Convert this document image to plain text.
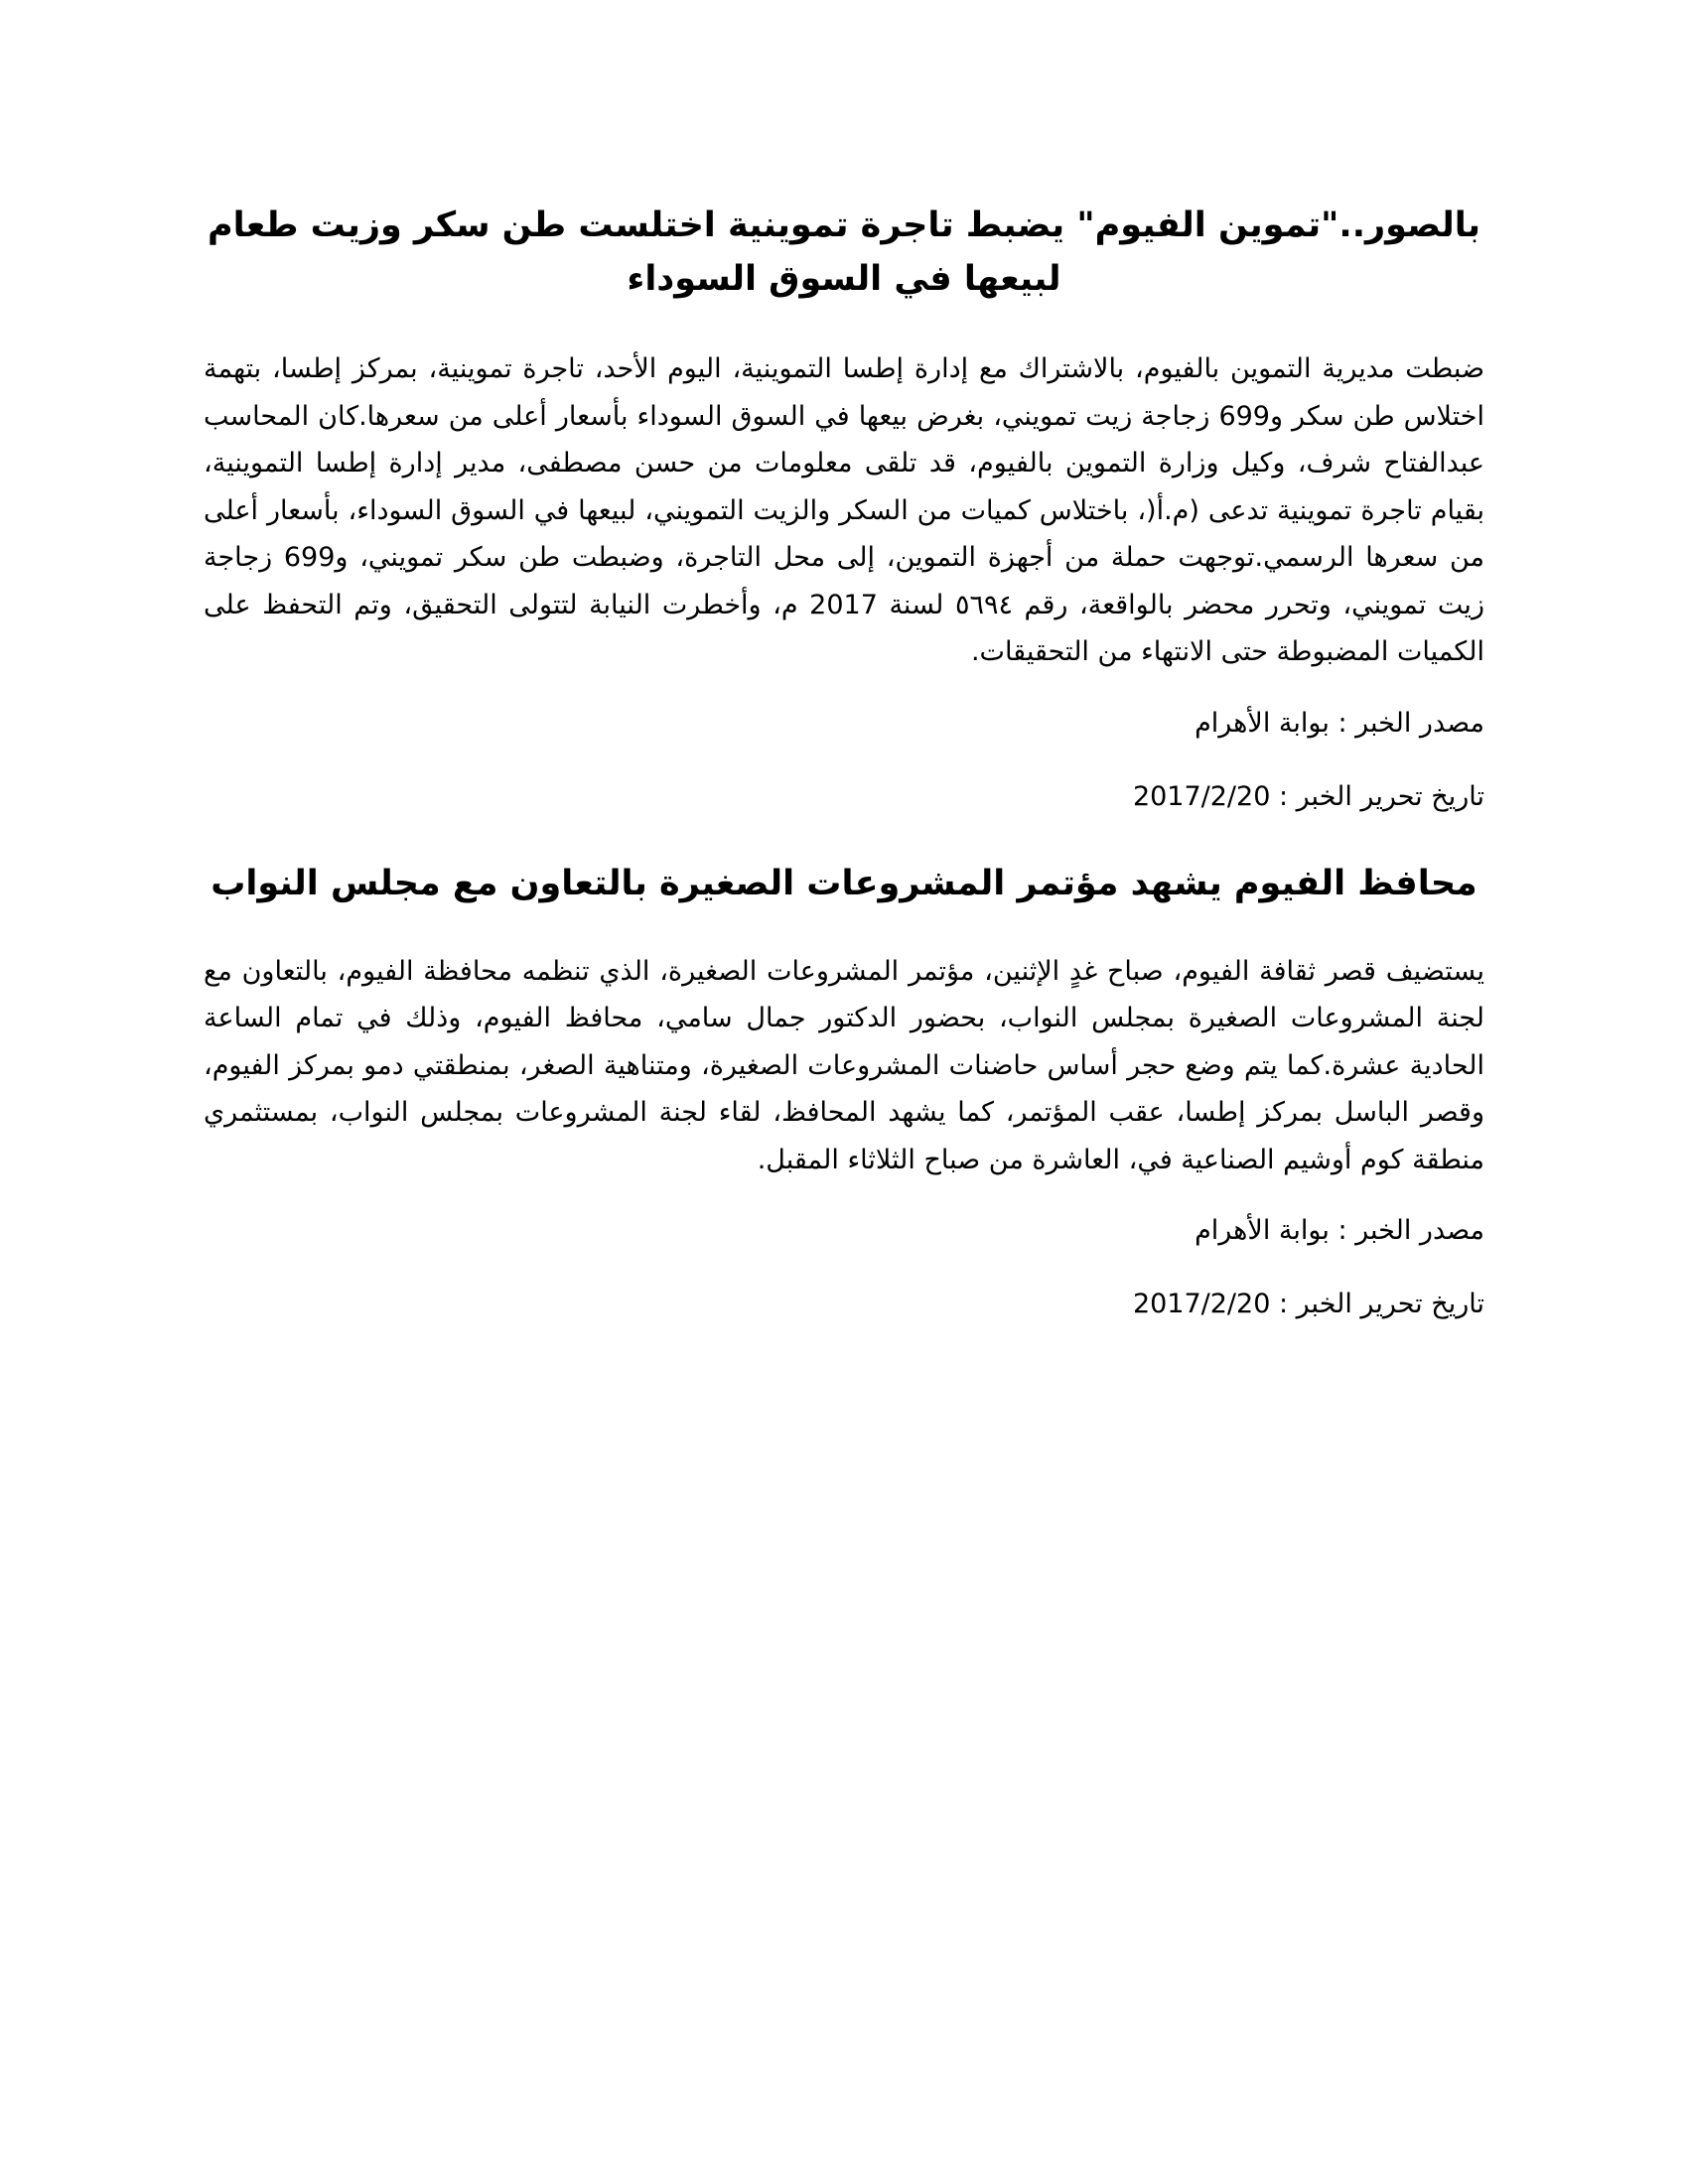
بالصور.."تموين الفيوم" يضبط تاجرة تموينية اختلست طن سكر وزيت طعام لبيعها في السوق السوداء

ضبطت مديرية التموين بالفيوم، بالاشتراك مع إدارة إطسا التموينية، اليوم الأحد، تاجرة تموينية، بمركز إطسا، بتهمة اختلاس طن سكر و699 زجاجة زيت تمويني، بغرض بيعها في السوق السوداء بأسعار أعلى من سعرها.كان المحاسب عبدالفتاح شرف، وكيل وزارة التموين بالفيوم، قد تلقى معلومات من حسن مصطفى، مدير إدارة إطسا التموينية، بقيام تاجرة تموينية تدعى (م.أ(، باختلاس كميات من السكر والزيت التمويني، لبيعها في السوق السوداء، بأسعار أعلى من سعرها الرسمي.توجهت حملة من أجهزة التموين، إلى محل التاجرة، وضبطت طن سكر تمويني، و699 زجاجة زيت تمويني، وتحرر محضر بالواقعة، رقم ٥٦٩٤ لسنة 2017 م، وأخطرت النيابة لتتولى التحقيق، وتم التحفظ على الكميات المضبوطة حتى الانتهاء من التحقيقات.

مصدر الخبر : بوابة الأهرام

تاريخ تحرير الخبر : 2017/2/20

محافظ الفيوم يشهد مؤتمر المشروعات الصغيرة بالتعاون مع مجلس النواب

يستضيف قصر ثقافة الفيوم، صباح غدٍ الإثنين، مؤتمر المشروعات الصغيرة، الذي تنظمه محافظة الفيوم، بالتعاون مع لجنة المشروعات الصغيرة بمجلس النواب، بحضور الدكتور جمال سامي، محافظ الفيوم، وذلك في تمام الساعة الحادية عشرة.كما يتم وضع حجر أساس حاضنات المشروعات الصغيرة، ومتناهية الصغر، بمنطقتي دمو بمركز الفيوم، وقصر الباسل بمركز إطسا، عقب المؤتمر، كما يشهد المحافظ، لقاء لجنة المشروعات بمجلس النواب، بمستثمري منطقة كوم أوشيم الصناعية في، العاشرة من صباح الثلاثاء المقبل.

مصدر الخبر : بوابة الأهرام

تاريخ تحرير الخبر : 2017/2/20
